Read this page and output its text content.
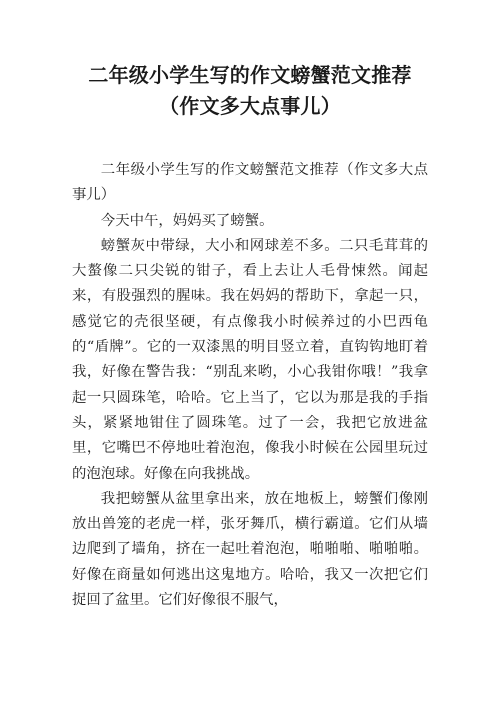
二年级小学生写的作文螃蟹范文推荐
（作文多大点事儿）

二年级小学生写的作文螃蟹范文推荐（作文多大点事儿）

今天中午，妈妈买了螃蟹。

螃蟹灰中带绿，大小和网球差不多。二只毛茸茸的大螯像二只尖锐的钳子，看上去让人毛骨悚然。闻起来，有股强烈的腥味。我在妈妈的帮助下，拿起一只，感觉它的壳很坚硬，有点像我小时候养过的小巴西龟的“盾牌”。它的一双漆黑的明目竖立着，直钩钩地盯着我，好像在警告我：“别乱来哟，小心我钳你哦！”我拿起一只圆珠笔，哈哈。它上当了，它以为那是我的手指头，紧紧地钳住了圆珠笔。过了一会，我把它放进盆里，它嘴巴不停地吐着泡泡，像我小时候在公园里玩过的泡泡球。好像在向我挑战。

我把螃蟹从盆里拿出来，放在地板上，螃蟹们像刚放出兽笼的老虎一样，张牙舞爪，横行霸道。它们从墙边爬到了墙角，挤在一起吐着泡泡，啪啪啪、啪啪啪。好像在商量如何逃出这鬼地方。哈哈，我又一次把它们捉回了盆里。它们好像很不服气，
